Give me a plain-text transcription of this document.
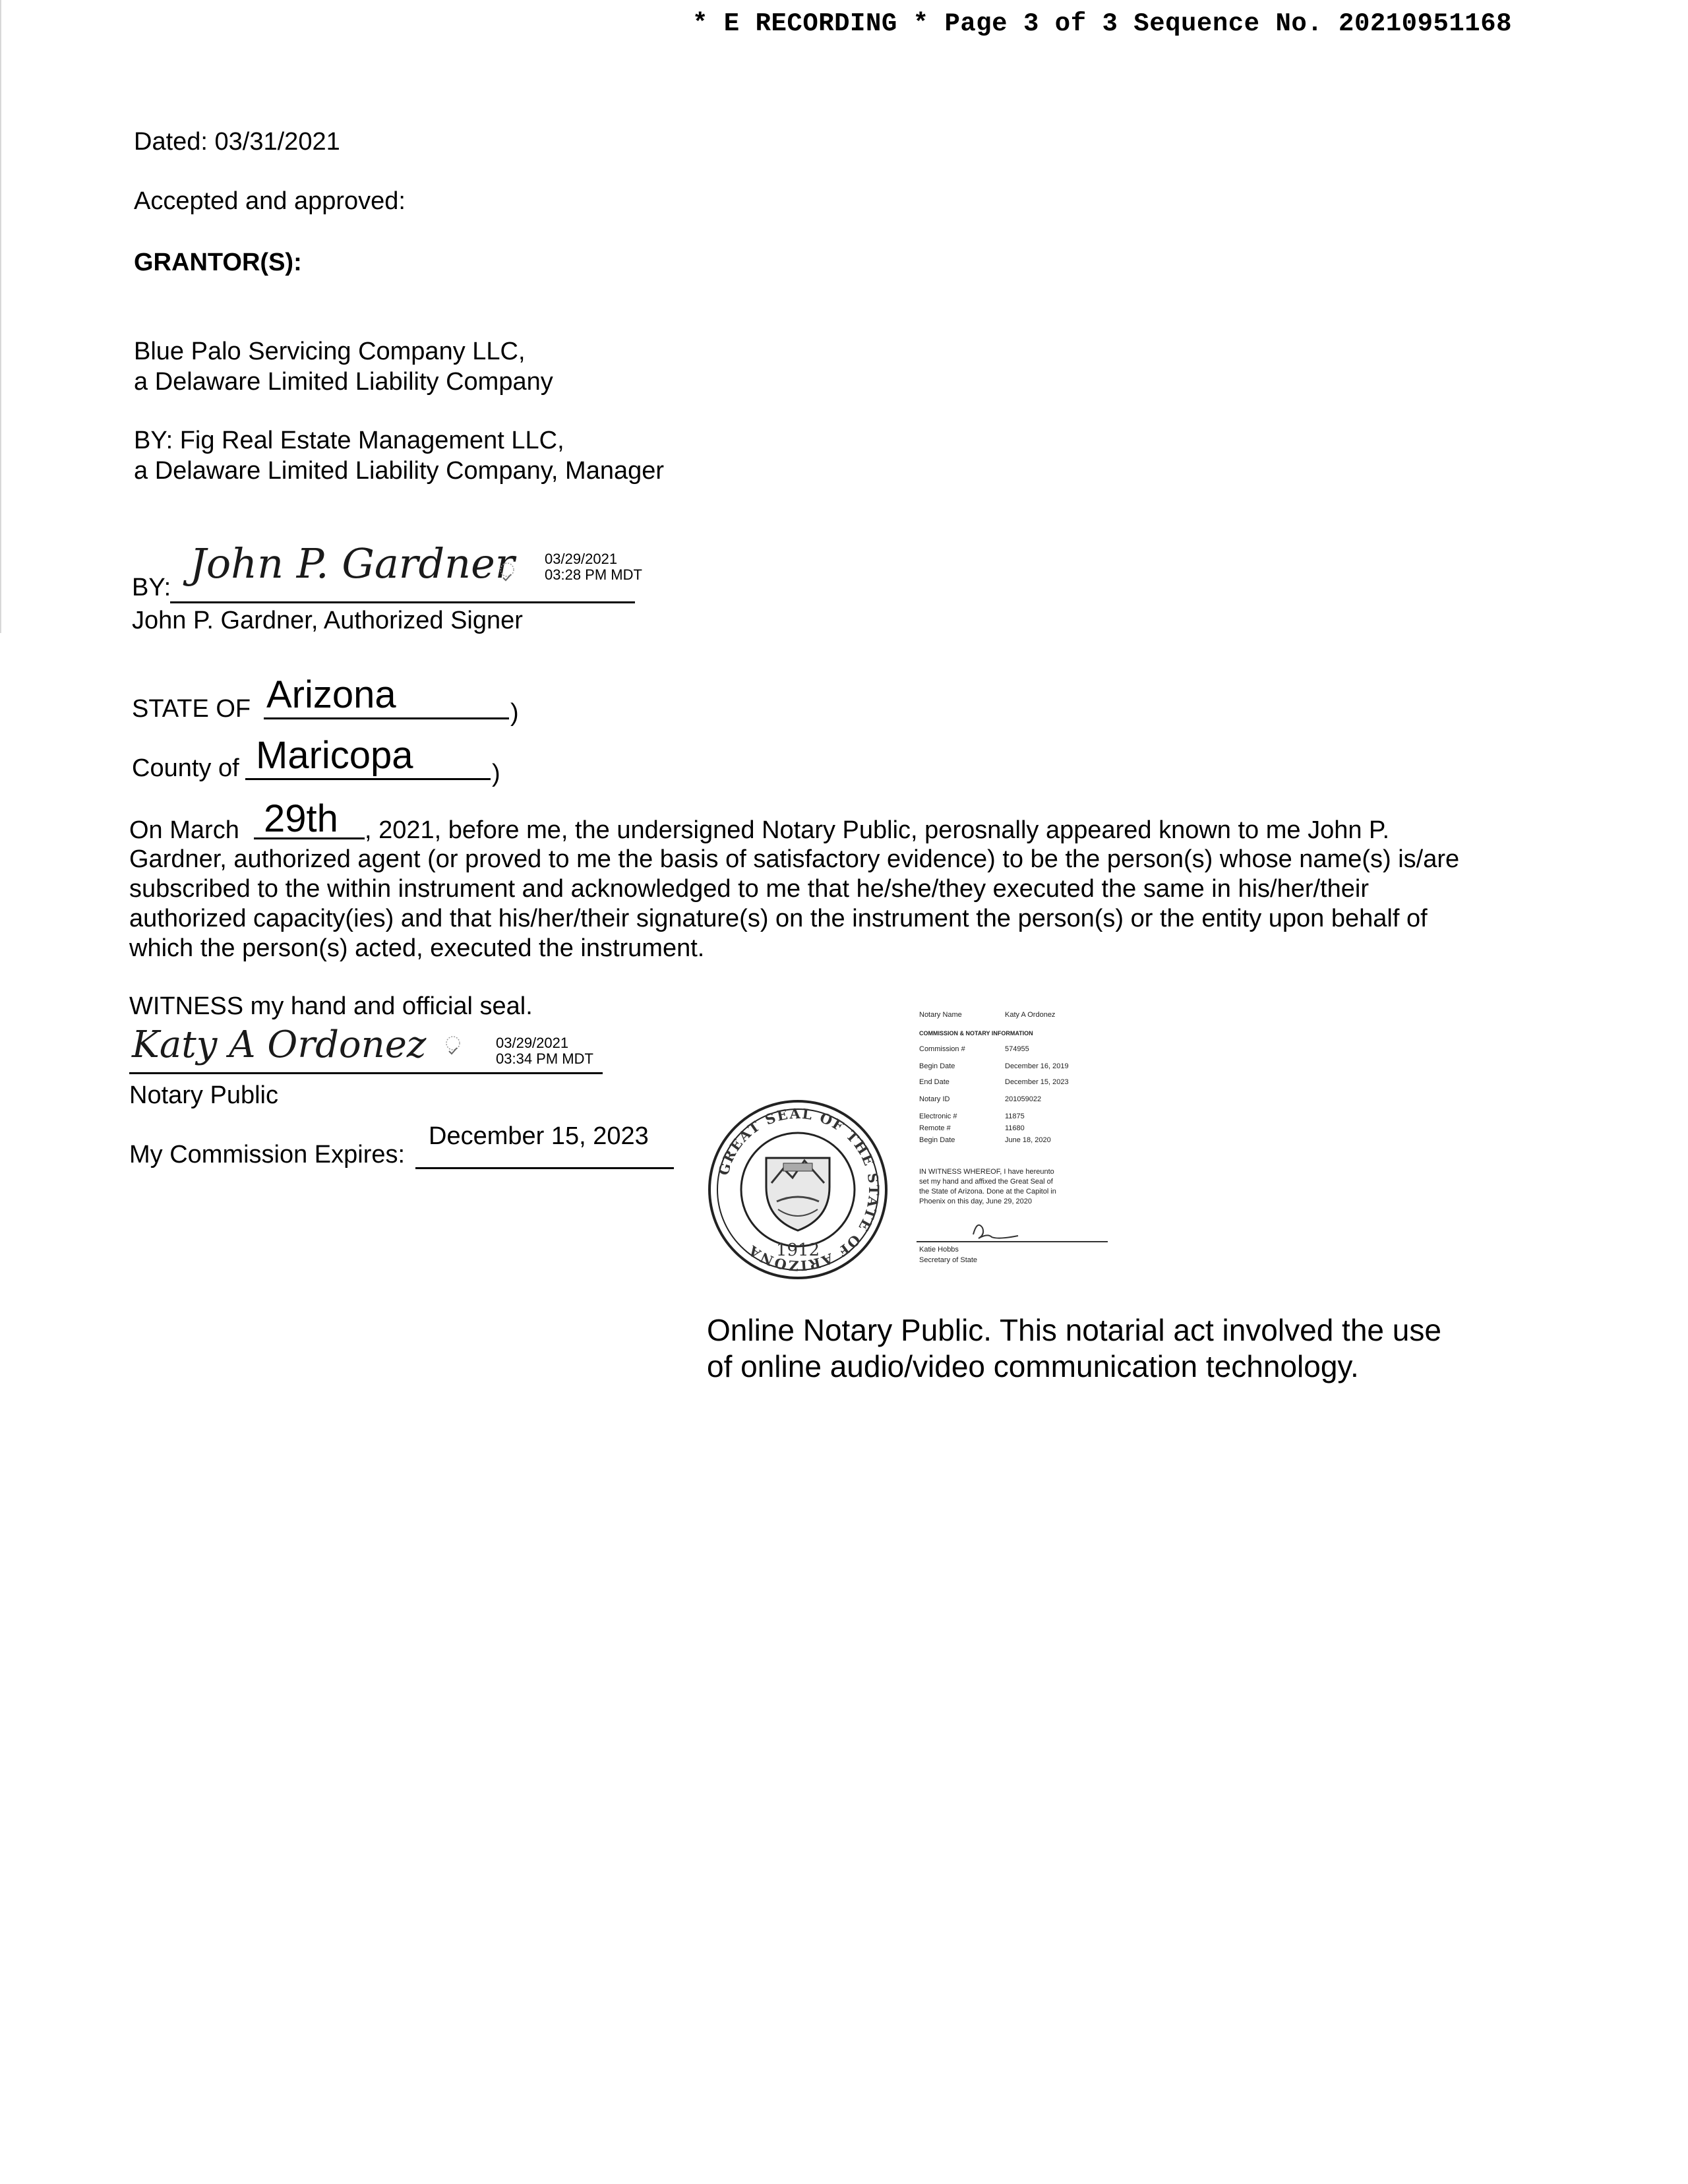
* E RECORDING * Page 3 of 3 Sequence No. 20210951168
Dated: 03/31/2021
Accepted and approved:
GRANTOR(S):
Blue Palo Servicing Company LLC,
a Delaware Limited Liability Company
BY: Fig Real Estate Management LLC,
a Delaware Limited Liability Company, Manager
BY: John P. Gardner 03/29/2021
03:28 PM MDT
John P. Gardner, Authorized Signer
STATE OF Arizona	)
County of Maricopa	)
On March 29th , 2021, before me, the undersigned Notary Public, perosnally appeared known to me John P.
Gardner, authorized agent (or proved to me the basis of satisfactory evidence) to be the person(s) whose name(s) is/are
subscribed to the within instrument and acknowledged to me that he/she/they executed the same in his/her/their
authorized capacity(ies) and that his/her/their signature(s) on the instrument the person(s) or the entity upon behalf of
which the person(s) acted, executed the instrument.
WITNESS my hand and official seal.
Katy A Ordonez	03/29/2021
03:34 PM MDT
Notary Public
December 15, 2023
My Commission Expires:	GREAT SEAL OF THE STATE OF ARIZONA 1912
Notary Name	Katy A Ordonez
COMMISSION & NOTARY INFORMATION
Commission #	574955
Begin Date	December 16, 2019
End Date	December 15, 2023
Notary ID	201059022
Electronic #	11875
Remote #	11680
Begin Date	June 18, 2020
IN WITNESS WHEREOF, I have hereunto
set my hand and affixed the Great Seal of
the State of Arizona. Done at the Capitol in
Phoenix on this day, June 29, 2020
Katie Hobbs
Secretary of State
Online Notary Public. This notarial act involved the use
of online audio/video communication technology.
